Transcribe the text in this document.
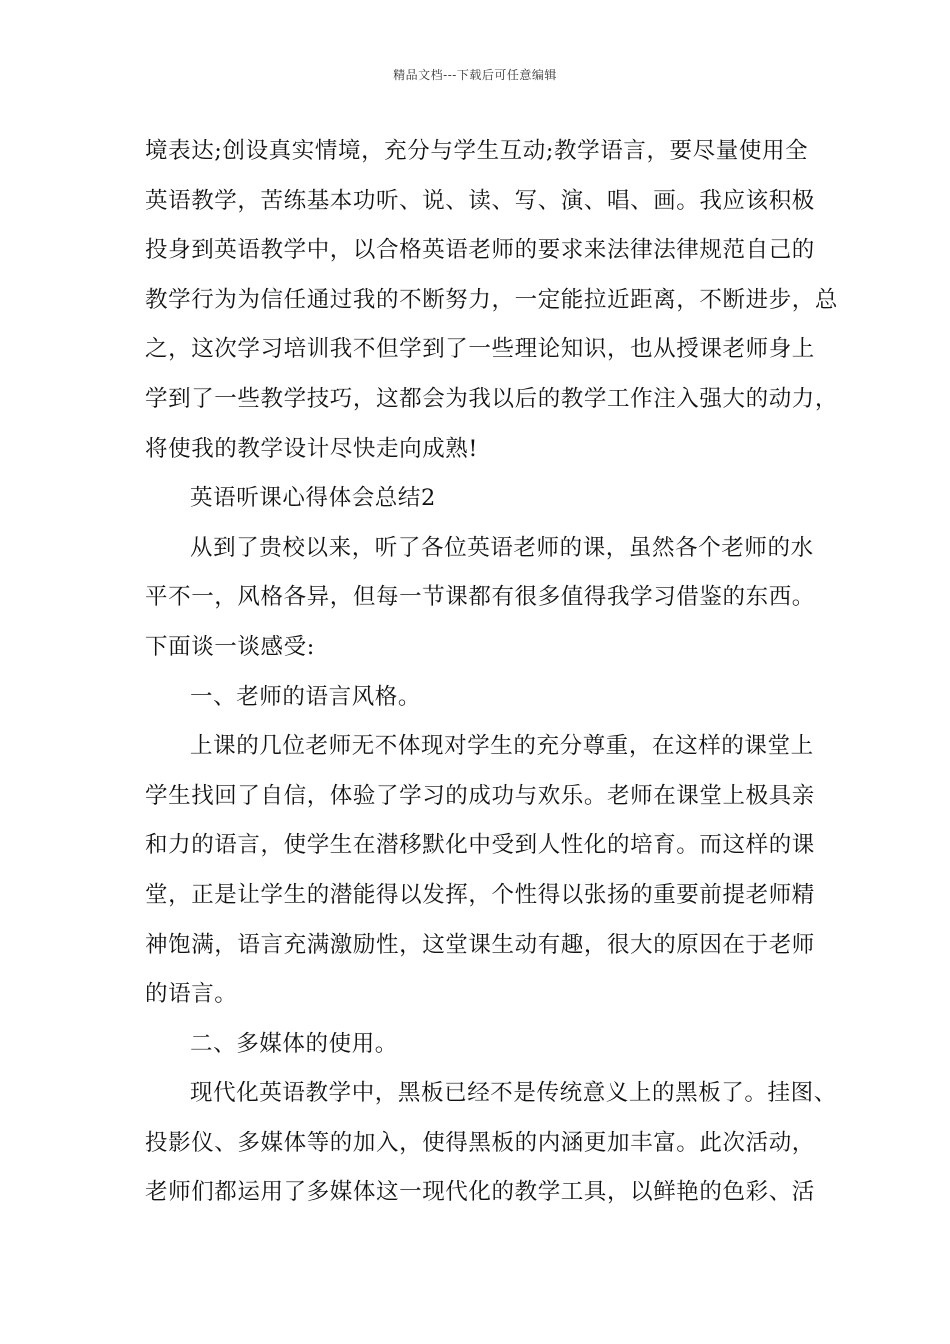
精品文档---下载后可任意编辑
境表达;创设真实情境，充分与学生互动;教学语言，要尽量使用全
英语教学，苦练基本功听、说、读、写、演、唱、画。我应该积极
投身到英语教学中，以合格英语老师的要求来法律法律规范自己的
教学行为为信任通过我的不断努力，一定能拉近距离，不断进步，总
之，这次学习培训我不但学到了一些理论知识，也从授课老师身上
学到了一些教学技巧，这都会为我以后的教学工作注入强大的动力，
将使我的教学设计尽快走向成熟!
英语听课心得体会总结2
从到了贵校以来，听了各位英语老师的课，虽然各个老师的水
平不一，风格各异，但每一节课都有很多值得我学习借鉴的东西。
下面谈一谈感受:
一、老师的语言风格。
上课的几位老师无不体现对学生的充分尊重，在这样的课堂上
学生找回了自信，体验了学习的成功与欢乐。老师在课堂上极具亲
和力的语言，使学生在潜移默化中受到人性化的培育。而这样的课
堂，正是让学生的潜能得以发挥，个性得以张扬的重要前提老师精
神饱满，语言充满激励性，这堂课生动有趣，很大的原因在于老师
的语言。
二、多媒体的使用。
现代化英语教学中，黑板已经不是传统意义上的黑板了。挂图、
投影仪、多媒体等的加入，使得黑板的内涵更加丰富。此次活动，
老师们都运用了多媒体这一现代化的教学工具，以鲜艳的色彩、活
